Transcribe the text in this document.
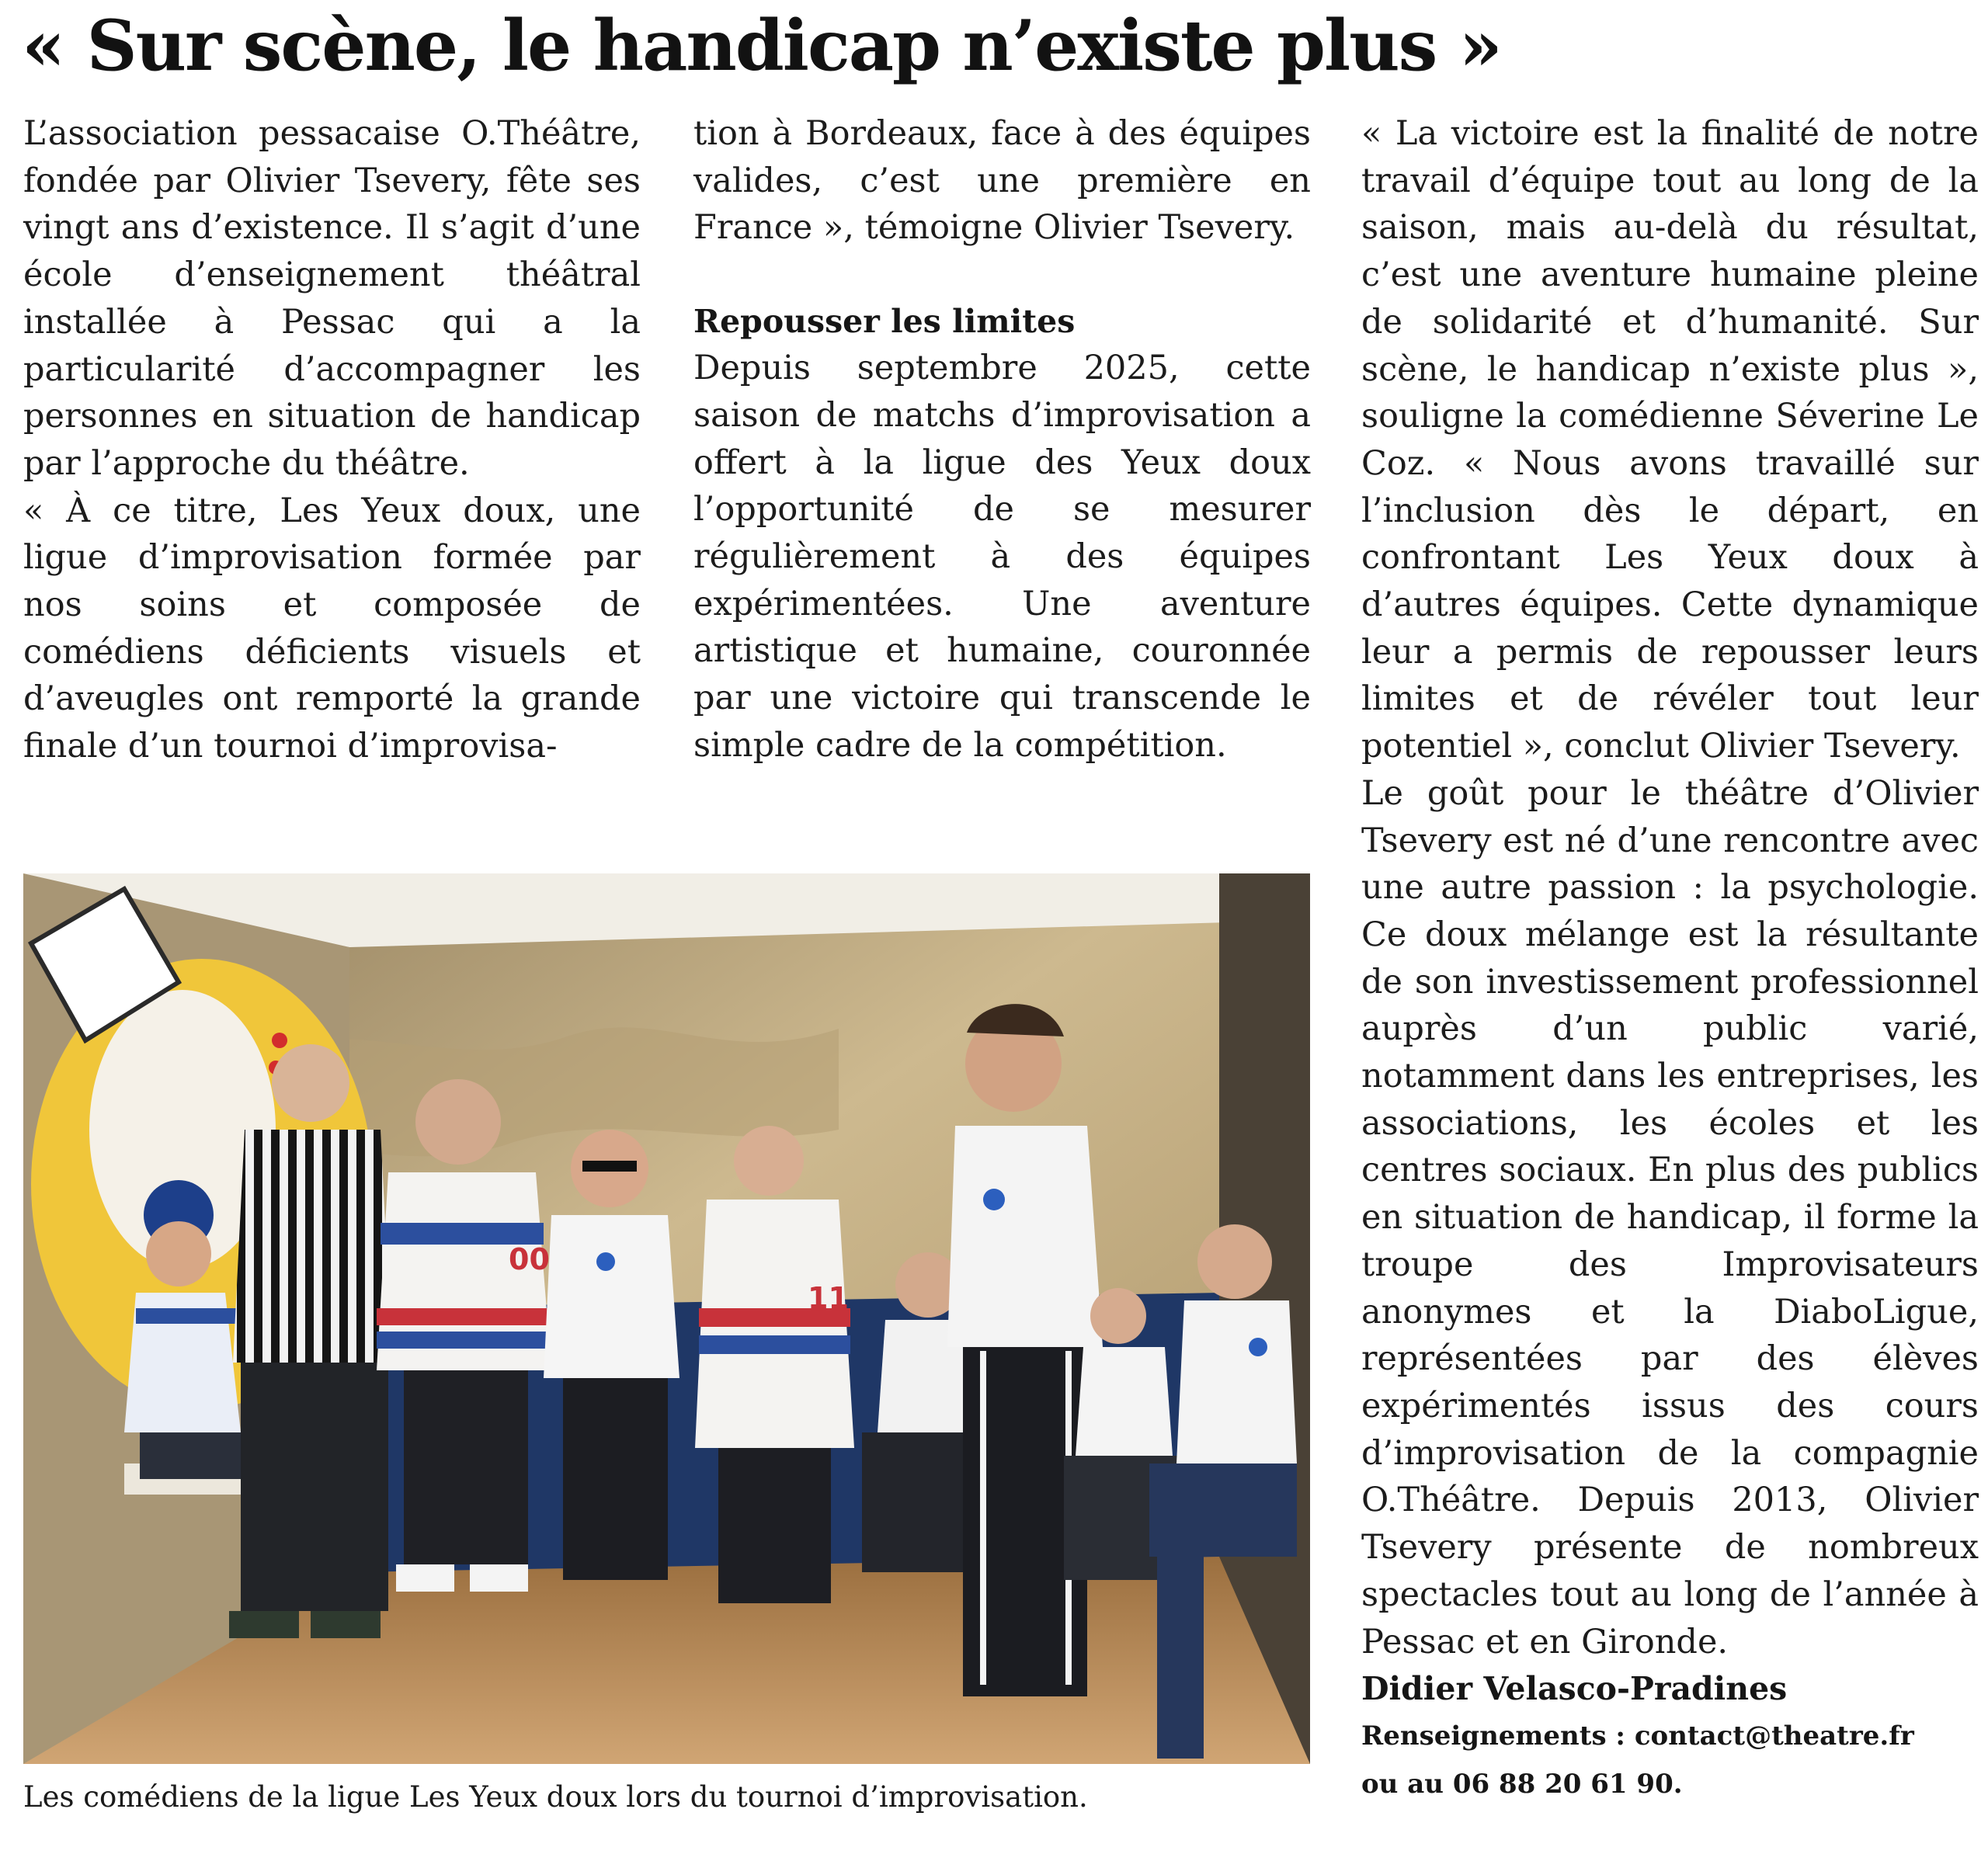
« Sur scène, le handicap n’existe plus »

L’association pessacaise O.Théâtre, fondée par Olivier Tsevery, fête ses vingt ans d’existence. Il s’agit d’une école d’enseignement théâtral installée à Pessac qui a la particularité d’accompagner les personnes en situation de handicap par l’approche du théâtre.

« À ce titre, Les Yeux doux, une ligue d’improvisation formée par nos soins et composée de comédiens déficients visuels et d’aveugles ont remporté la grande finale d’un tournoi d’improvisa-

tion à Bordeaux, face à des équipes valides, c’est une première en France », témoigne Olivier Tsevery.

Repousser les limites

Depuis septembre 2025, cette saison de matchs d’improvisation a offert à la ligue des Yeux doux l’opportunité de se mesurer régulièrement à des équipes expérimentées. Une aventure artistique et humaine, couronnée par une victoire qui transcende le simple cadre de la compétition.

« La victoire est la finalité de notre travail d’équipe tout au long de la saison, mais au-delà du résultat, c’est une aventure humaine pleine de solidarité et d’humanité. Sur scène, le handicap n’existe plus », souligne la comédienne Séverine Le Coz. « Nous avons travaillé sur l’inclusion dès le départ, en confrontant Les Yeux doux à d’autres équipes. Cette dynamique leur a permis de repousser leurs limites et de révéler tout leur potentiel », conclut Olivier Tsevery.

Le goût pour le théâtre d’Olivier Tsevery est né d’une rencontre avec une autre passion : la psychologie. Ce doux mélange est la résultante de son investissement professionnel auprès d’un public varié, notamment dans les entreprises, les associations, les écoles et les centres sociaux. En plus des publics en situation de handicap, il forme la troupe des Improvisateurs anonymes et la DiaboLigue, représentées par des élèves expérimentés issus des cours d’improvisation de la compagnie O.Théâtre. Depuis 2013, Olivier Tsevery présente de nombreux spectacles tout au long de l’année à Pessac et en Gironde.

Didier Velasco-Pradines

Renseignements : contact@theatre.fr

ou au 06 88 20 61 90.

00
11

Les comédiens de la ligue Les Yeux doux lors du tournoi d’improvisation.
